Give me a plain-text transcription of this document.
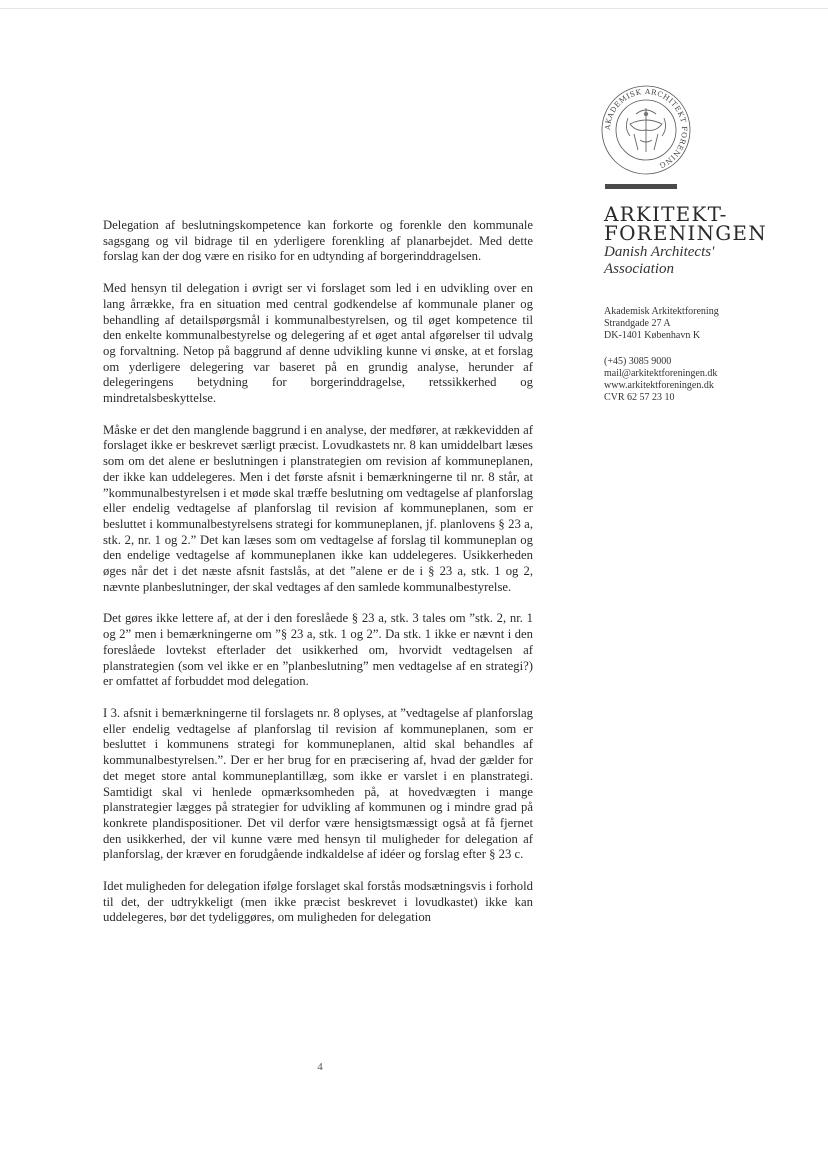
AKADEMISK ARCHITEKT FORENING
ARKITEKT-
FORENINGEN
Danish Architects'
Association
Akademisk Arkitektforening
Strandgade 27 A
DK-1401 København K
(+45) 3085 9000
mail@arkitektforeningen.dk
www.arkitektforeningen.dk
CVR 62 57 23 10

Delegation af beslutningskompetence kan forkorte og forenkle den kommunale sagsgang og vil bidrage til en yderligere forenkling af planarbejdet. Med dette forslag kan der dog være en risiko for en udtynding af borgerinddragelsen.

Med hensyn til delegation i øvrigt ser vi forslaget som led i en udvikling over en lang årrække, fra en situation med central godkendelse af kommunale planer og behandling af detailspørgsmål i kommunalbestyrelsen, og til øget kompetence til den enkelte kommunalbestyrelse og delegering af et øget antal afgørelser til udvalg og forvaltning. Netop på baggrund af denne udvikling kunne vi ønske, at et forslag om yderligere delegering var baseret på en grundig analyse, herunder af delegeringens betydning for borgerinddragelse, retssikkerhed og mindretalsbeskyttelse.

Måske er det den manglende baggrund i en analyse, der medfører, at rækkevidden af forslaget ikke er beskrevet særligt præcist. Lovudkastets nr. 8 kan umiddelbart læses som om det alene er beslutningen i planstrategien om revision af kommuneplanen, der ikke kan uddelegeres. Men i det første afsnit i bemærkningerne til nr. 8 står, at ”kommunalbestyrelsen i et møde skal træffe beslutning om vedtagelse af planforslag eller endelig vedtagelse af planforslag til revision af kommuneplanen, som er besluttet i kommunalbestyrelsens strategi for kommuneplanen, jf. planlovens § 23 a, stk. 2, nr. 1 og 2.” Det kan læses som om vedtagelse af forslag til kommuneplan og den endelige vedtagelse af kommuneplanen ikke kan uddelegeres. Usikkerheden øges når det i det næste afsnit fastslås, at det ”alene er de i § 23 a, stk. 1 og 2, nævnte planbeslutninger, der skal vedtages af den samlede kommunalbestyrelse.

Det gøres ikke lettere af, at der i den foreslåede § 23 a, stk. 3 tales om ”stk. 2, nr. 1 og 2” men i bemærkningerne om ”§ 23 a, stk. 1 og 2”. Da stk. 1 ikke er nævnt i den foreslåede lovtekst efterlader det usikkerhed om, hvorvidt vedtagelsen af planstrategien (som vel ikke er en ”planbeslutning” men vedtagelse af en strategi?) er omfattet af forbuddet mod delegation.

I 3. afsnit i bemærkningerne til forslagets nr. 8 oplyses, at ”vedtagelse af planforslag eller endelig vedtagelse af planforslag til revision af kommuneplanen, som er besluttet i kommunens strategi for kommuneplanen, altid skal behandles af kommunalbestyrelsen.”. Der er her brug for en præcisering af, hvad der gælder for det meget store antal kommuneplantillæg, som ikke er varslet i en planstrategi. Samtidigt skal vi henlede opmærksomheden på, at hovedvægten i mange planstrategier lægges på strategier for udvikling af kommunen og i mindre grad på konkrete plandispositioner. Det vil derfor være hensigtsmæssigt også at få fjernet den usikkerhed, der vil kunne være med hensyn til muligheder for delegation af planforslag, der kræver en forudgående indkaldelse af idéer og forslag efter § 23 c.

Idet muligheden for delegation ifølge forslaget skal forstås modsætningsvis i forhold til det, der udtrykkeligt (men ikke præcist beskrevet i lovudkastet) ikke kan uddelegeres, bør det tydeliggøres, om muligheden for delegation

4
